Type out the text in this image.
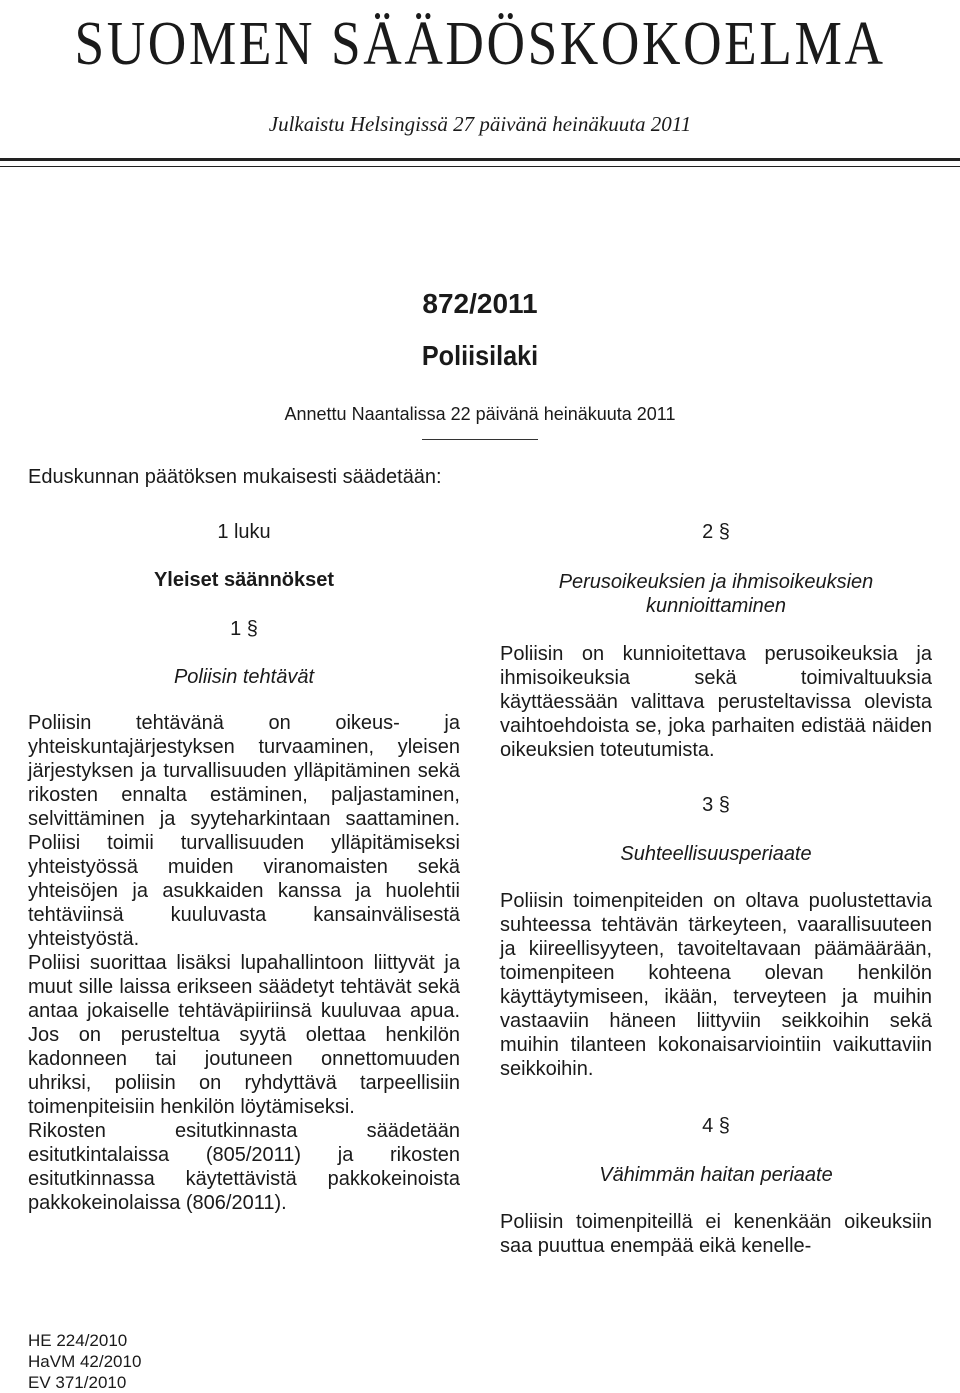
SUOMEN SÄÄDÖSKOKOELMA
Julkaistu Helsingissä 27 päivänä heinäkuuta 2011
872/2011
Poliisilaki
Annettu Naantalissa 22 päivänä heinäkuuta 2011
Eduskunnan päätöksen mukaisesti säädetään:
1 luku
Yleiset säännökset
1 §
Poliisin tehtävät

Poliisin tehtävänä on oikeus- ja yhteiskuntajärjestyksen turvaaminen, yleisen järjestyksen ja turvallisuuden ylläpitäminen sekä rikosten ennalta estäminen, paljastaminen, selvittäminen ja syyteharkintaan saattaminen. Poliisi toimii turvallisuuden ylläpitämiseksi yhteistyössä muiden viranomaisten sekä yhteisöjen ja asukkaiden kanssa ja huolehtii tehtäviinsä kuuluvasta kansainvälisestä yhteistyöstä.

Poliisi suorittaa lisäksi lupahallintoon liittyvät ja muut sille laissa erikseen säädetyt tehtävät sekä antaa jokaiselle tehtäväpiiriinsä kuuluvaa apua. Jos on perusteltua syytä olettaa henkilön kadonneen tai joutuneen onnettomuuden uhriksi, poliisin on ryhdyttävä tarpeellisiin toimenpiteisiin henkilön löytämiseksi.

Rikosten esitutkinnasta säädetään esitutkintalaissa (805/2011) ja rikosten esitutkinnassa käytettävistä pakkokeinoista pakkokeinolaissa (806/2011).

2 §
Perusoikeuksien ja ihmisoikeuksien kunnioittaminen

Poliisin on kunnioitettava perusoikeuksia ja ihmisoikeuksia sekä toimivaltuuksia käyttäessään valittava perusteltavissa olevista vaihtoehdoista se, joka parhaiten edistää näiden oikeuksien toteutumista.

3 §
Suhteellisuusperiaate

Poliisin toimenpiteiden on oltava puolustettavia suhteessa tehtävän tärkeyteen, vaarallisuuteen ja kiireellisyyteen, tavoiteltavaan päämäärään, toimenpiteen kohteena olevan henkilön käyttäytymiseen, ikään, terveyteen ja muihin vastaaviin häneen liittyviin seikkoihin sekä muihin tilanteen kokonaisarviointiin vaikuttaviin seikkoihin.

4 §
Vähimmän haitan periaate

Poliisin toimenpiteillä ei kenenkään oikeuksiin saa puuttua enempää eikä kenelle-

HE 224/2010
HaVM 42/2010
EV 371/2010
